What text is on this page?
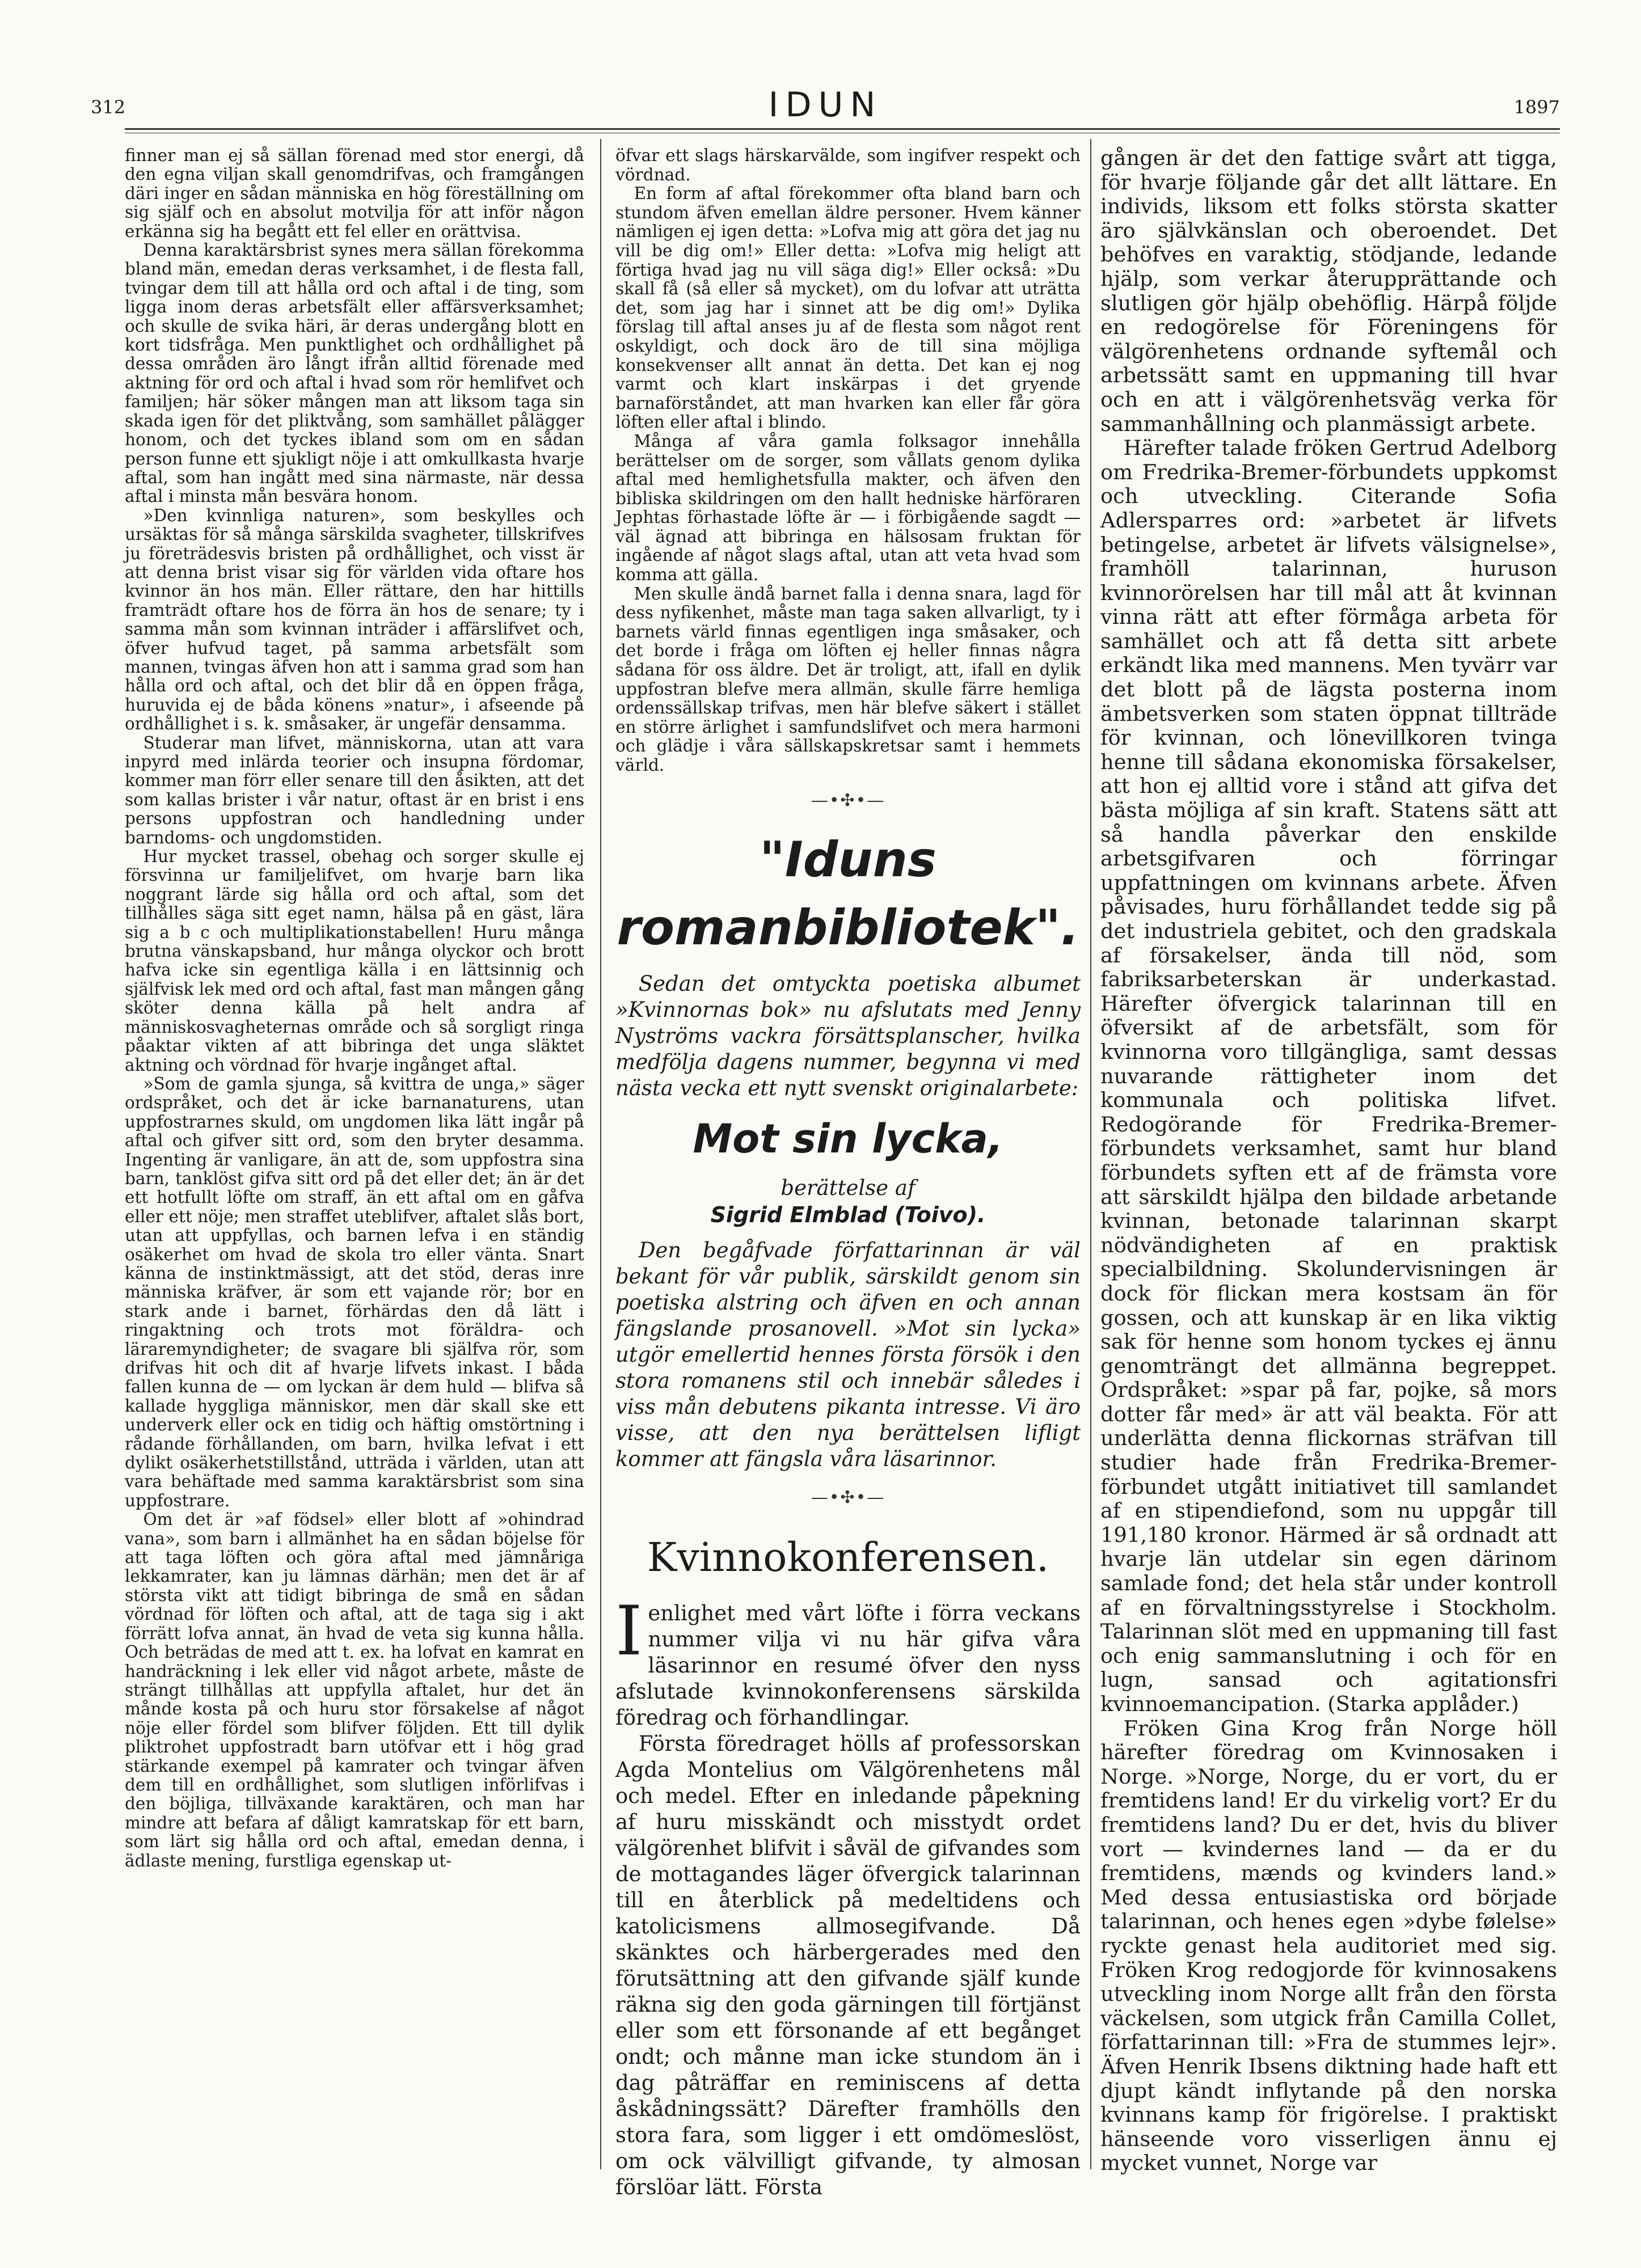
312	IDUN	1897

finner man ej så sällan förenad med stor energi, då den egna viljan skall genomdrifvas, och framgången däri inger en sådan människa en hög föreställning om sig själf och en absolut motvilja för att inför någon erkänna sig ha begått ett fel eller en orättvisa.

Denna karaktärsbrist synes mera sällan förekomma bland män, emedan deras verksamhet, i de flesta fall, tvingar dem till att hålla ord och aftal i de ting, som ligga inom deras arbetsfält eller affärsverksamhet; och skulle de svika häri, är deras undergång blott en kort tidsfråga. Men punktlighet och ordhållighet på dessa områden äro långt ifrån alltid förenade med aktning för ord och aftal i hvad som rör hemlifvet och familjen; här söker mången man att liksom taga sin skada igen för det pliktvång, som samhället pålägger honom, och det tyckes ibland som om en sådan person funne ett sjukligt nöje i att omkullkasta hvarje aftal, som han ingått med sina närmaste, när dessa aftal i minsta mån besvära honom.

»Den kvinnliga naturen», som beskylles och ursäktas för så många särskilda svagheter, tillskrifves ju företrädesvis bristen på ordhållighet, och visst är att denna brist visar sig för världen vida oftare hos kvinnor än hos män. Eller rättare, den har hittills framträdt oftare hos de förra än hos de senare; ty i samma mån som kvinnan inträder i affärslifvet och, öfver hufvud taget, på samma arbetsfält som mannen, tvingas äfven hon att i samma grad som han hålla ord och aftal, och det blir då en öppen fråga, huruvida ej de båda könens »natur», i afseende på ordhållighet i s. k. småsaker, är ungefär densamma.

Studerar man lifvet, människorna, utan att vara inpyrd med inlärda teorier och insupna fördomar, kommer man förr eller senare till den åsikten, att det som kallas brister i vår natur, oftast är en brist i ens persons uppfostran och handledning under barndoms- och ungdomstiden.

Hur mycket trassel, obehag och sorger skulle ej försvinna ur familjelifvet, om hvarje barn lika noggrant lärde sig hålla ord och aftal, som det tillhålles säga sitt eget namn, hälsa på en gäst, lära sig a b c och multiplikationstabellen! Huru många brutna vänskapsband, hur många olyckor och brott hafva icke sin egentliga källa i en lättsinnig och själfvisk lek med ord och aftal, fast man mången gång sköter denna källa på helt andra af människosvagheternas område och så sorgligt ringa påaktar vikten af att bibringa det unga släktet aktning och vördnad för hvarje ingånget aftal.

»Som de gamla sjunga, så kvittra de unga,» säger ordspråket, och det är icke barnanaturens, utan uppfostrarnes skuld, om ungdomen lika lätt ingår på aftal och gifver sitt ord, som den bryter desamma. Ingenting är vanligare, än att de, som uppfostra sina barn, tanklöst gifva sitt ord på det eller det; än är det ett hotfullt löfte om straff, än ett aftal om en gåfva eller ett nöje; men straffet uteblifver, aftalet slås bort, utan att uppfyllas, och barnen lefva i en ständig osäkerhet om hvad de skola tro eller vänta. Snart känna de instinktmässigt, att det stöd, deras inre människa kräfver, är som ett vajande rör; bor en stark ande i barnet, förhärdas den då lätt i ringaktning och trots mot föräldra- och läraremyndigheter; de svagare bli själfva rör, som drifvas hit och dit af hvarje lifvets inkast. I båda fallen kunna de — om lyckan är dem huld — blifva så kallade hyggliga människor, men där skall ske ett underverk eller ock en tidig och häftig omstörtning i rådande förhållanden, om barn, hvilka lefvat i ett dylikt osäkerhetstillstånd, utträda i världen, utan att vara behäftade med samma karaktärsbrist som sina uppfostrare.

Om det är »af födsel» eller blott af »ohindrad vana», som barn i allmänhet ha en sådan böjelse för att taga löften och göra aftal med jämnåriga lekkamrater, kan ju lämnas därhän; men det är af största vikt att tidigt bibringa de små en sådan vördnad för löften och aftal, att de taga sig i akt förrätt lofva annat, än hvad de veta sig kunna hålla. Och beträdas de med att t. ex. ha lofvat en kamrat en handräckning i lek eller vid något arbete, måste de strängt tillhållas att uppfylla aftalet, hur det än månde kosta på och huru stor försakelse af något nöje eller fördel som blifver följden. Ett till dylik pliktrohet uppfostradt barn utöfvar ett i hög grad stärkande exempel på kamrater och tvingar äfven dem till en ordhållighet, som slutligen införlifvas i den böjliga, tillväxande karaktären, och man har mindre att befara af dåligt kamratskap för ett barn, som lärt sig hålla ord och aftal, emedan denna, i ädlaste mening, furstliga egenskap ut-

öfvar ett slags härskarvälde, som ingifver respekt och vördnad.

En form af aftal förekommer ofta bland barn och stundom äfven emellan äldre personer. Hvem känner nämligen ej igen detta: »Lofva mig att göra det jag nu vill be dig om!» Eller detta: »Lofva mig heligt att förtiga hvad jag nu vill säga dig!» Eller också: »Du skall få (så eller så mycket), om du lofvar att uträtta det, som jag har i sinnet att be dig om!» Dylika förslag till aftal anses ju af de flesta som något rent oskyldigt, och dock äro de till sina möjliga konsekvenser allt annat än detta. Det kan ej nog varmt och klart inskärpas i det gryende barnaförståndet, att man hvarken kan eller får göra löften eller aftal i blindo.

Många af våra gamla folksagor innehålla berättelser om de sorger, som vållats genom dylika aftal med hemlighetsfulla makter, och äfven den bibliska skildringen om den hallt hedniske härföraren Jephtas förhastade löfte är — i förbigående sagdt — väl ägnad att bibringa en hälsosam fruktan för ingående af något slags aftal, utan att veta hvad som komma att gälla.

Men skulle ändå barnet falla i denna snara, lagd för dess nyfikenhet, måste man taga saken allvarligt, ty i barnets värld finnas egentligen inga småsaker, och det borde i fråga om löften ej heller finnas några sådana för oss äldre. Det är troligt, att, ifall en dylik uppfostran blefve mera allmän, skulle färre hemliga ordenssällskap trifvas, men här blefve säkert i stället en större ärlighet i samfundslifvet och mera harmoni och glädje i våra sällskapskretsar samt i hemmets värld.

—•✣•—
"Iduns romanbibliotek".

Sedan det omtyckta poetiska albumet »Kvinnornas bok» nu afslutats med Jenny Nyströms vackra försättsplanscher, hvilka medfölja dagens nummer, begynna vi med nästa vecka ett nytt svenskt originalarbete:

Mot sin lycka,
berättelse af
Sigrid Elmblad (Toivo).

Den begåfvade författarinnan är väl bekant för vår publik, särskildt genom sin poetiska alstring och äfven en och annan fängslande prosanovell. »Mot sin lycka» utgör emellertid hennes första försök i den stora romanens stil och innebär således i viss mån debutens pikanta intresse. Vi äro visse, att den nya berättelsen lifligt kommer att fängsla våra läsarinnor.

—•✣•—
Kvinnokonferensen.

Ienlighet med vårt löfte i förra veckans nummer vilja vi nu här gifva våra läsarinnor en resumé öfver den nyss afslutade kvinnokonferensens särskilda föredrag och förhandlingar.

Första föredraget hölls af professorskan Agda Montelius om Välgörenhetens mål och medel. Efter en inledande påpekning af huru misskändt och misstydt ordet välgörenhet blifvit i såväl de gifvandes som de mottagandes läger öfvergick talarinnan till en återblick på medeltidens och katolicismens allmosegifvande. Då skänktes och härbergerades med den förutsättning att den gifvande själf kunde räkna sig den goda gärningen till förtjänst eller som ett försonande af ett begånget ondt; och månne man icke stundom än i dag påträffar en reminiscens af detta åskådningssätt? Därefter framhölls den stora fara, som ligger i ett omdömeslöst, om ock välvilligt gifvande, ty almosan förslöar lätt. Första

gången är det den fattige svårt att tigga, för hvarje följande går det allt lättare. En individs, liksom ett folks största skatter äro självkänslan och oberoendet. Det behöfves en varaktig, stödjande, ledande hjälp, som verkar återupprättande och slutligen gör hjälp obehöflig. Härpå följde en redogörelse för Föreningens för välgörenhetens ordnande syftemål och arbetssätt samt en uppmaning till hvar och en att i välgörenhetsväg verka för sammanhållning och planmässigt arbete.

Härefter talade fröken Gertrud Adelborg om Fredrika-Bremer-förbundets uppkomst och utveckling. Citerande Sofia Adlersparres ord: »arbetet är lifvets betingelse, arbetet är lifvets välsignelse», framhöll talarinnan, huruson kvinnorörelsen har till mål att åt kvinnan vinna rätt att efter förmåga arbeta för samhället och att få detta sitt arbete erkändt lika med mannens. Men tyvärr var det blott på de lägsta posterna inom ämbetsverken som staten öppnat tillträde för kvinnan, och lönevillkoren tvinga henne till sådana ekonomiska försakelser, att hon ej alltid vore i stånd att gifva det bästa möjliga af sin kraft. Statens sätt att så handla påverkar den enskilde arbetsgifvaren och förringar uppfattningen om kvinnans arbete. Äfven påvisades, huru förhållandet tedde sig på det industriela gebitet, och den gradskala af försakelser, ända till nöd, som fabriksarbeterskan är underkastad. Härefter öfvergick talarinnan till en öfversikt af de arbetsfält, som för kvinnorna voro tillgängliga, samt dessas nuvarande rättigheter inom det kommunala och politiska lifvet. Redogörande för Fredrika-Bremer-förbundets verksamhet, samt hur bland förbundets syften ett af de främsta vore att särskildt hjälpa den bildade arbetande kvinnan, betonade talarinnan skarpt nödvändigheten af en praktisk specialbildning. Skolundervisningen är dock för flickan mera kostsam än för gossen, och att kunskap är en lika viktig sak för henne som honom tyckes ej ännu genomträngt det allmänna begreppet. Ordspråket: »spar på far, pojke, så mors dotter får med» är att väl beakta. För att underlätta denna flickornas sträfvan till studier hade från Fredrika-Bremer-förbundet utgått initiativet till samlandet af en stipendiefond, som nu uppgår till 191,180 kronor. Härmed är så ordnadt att hvarje län utdelar sin egen därinom samlade fond; det hela står under kontroll af en förvaltningsstyrelse i Stockholm. Talarinnan slöt med en uppmaning till fast och enig sammanslutning i och för en lugn, sansad och agitationsfri kvinnoemancipation. (Starka applåder.)

Fröken Gina Krog från Norge höll härefter föredrag om Kvinnosaken i Norge. »Norge, Norge, du er vort, du er fremtidens land! Er du virkelig vort? Er du fremtidens land? Du er det, hvis du bliver vort — kvindernes land — da er du fremtidens, mænds og kvinders land.» Med dessa entusiastiska ord började talarinnan, och henes egen »dybe følelse» ryckte genast hela auditoriet med sig. Fröken Krog redogjorde för kvinnosakens utveckling inom Norge allt från den första väckelsen, som utgick från Camilla Collet, författarinnan till: »Fra de stummes lejr». Äfven Henrik Ibsens diktning hade haft ett djupt kändt inflytande på den norska kvinnans kamp för frigörelse. I praktiskt hänseende voro visserligen ännu ej mycket vunnet, Norge var
